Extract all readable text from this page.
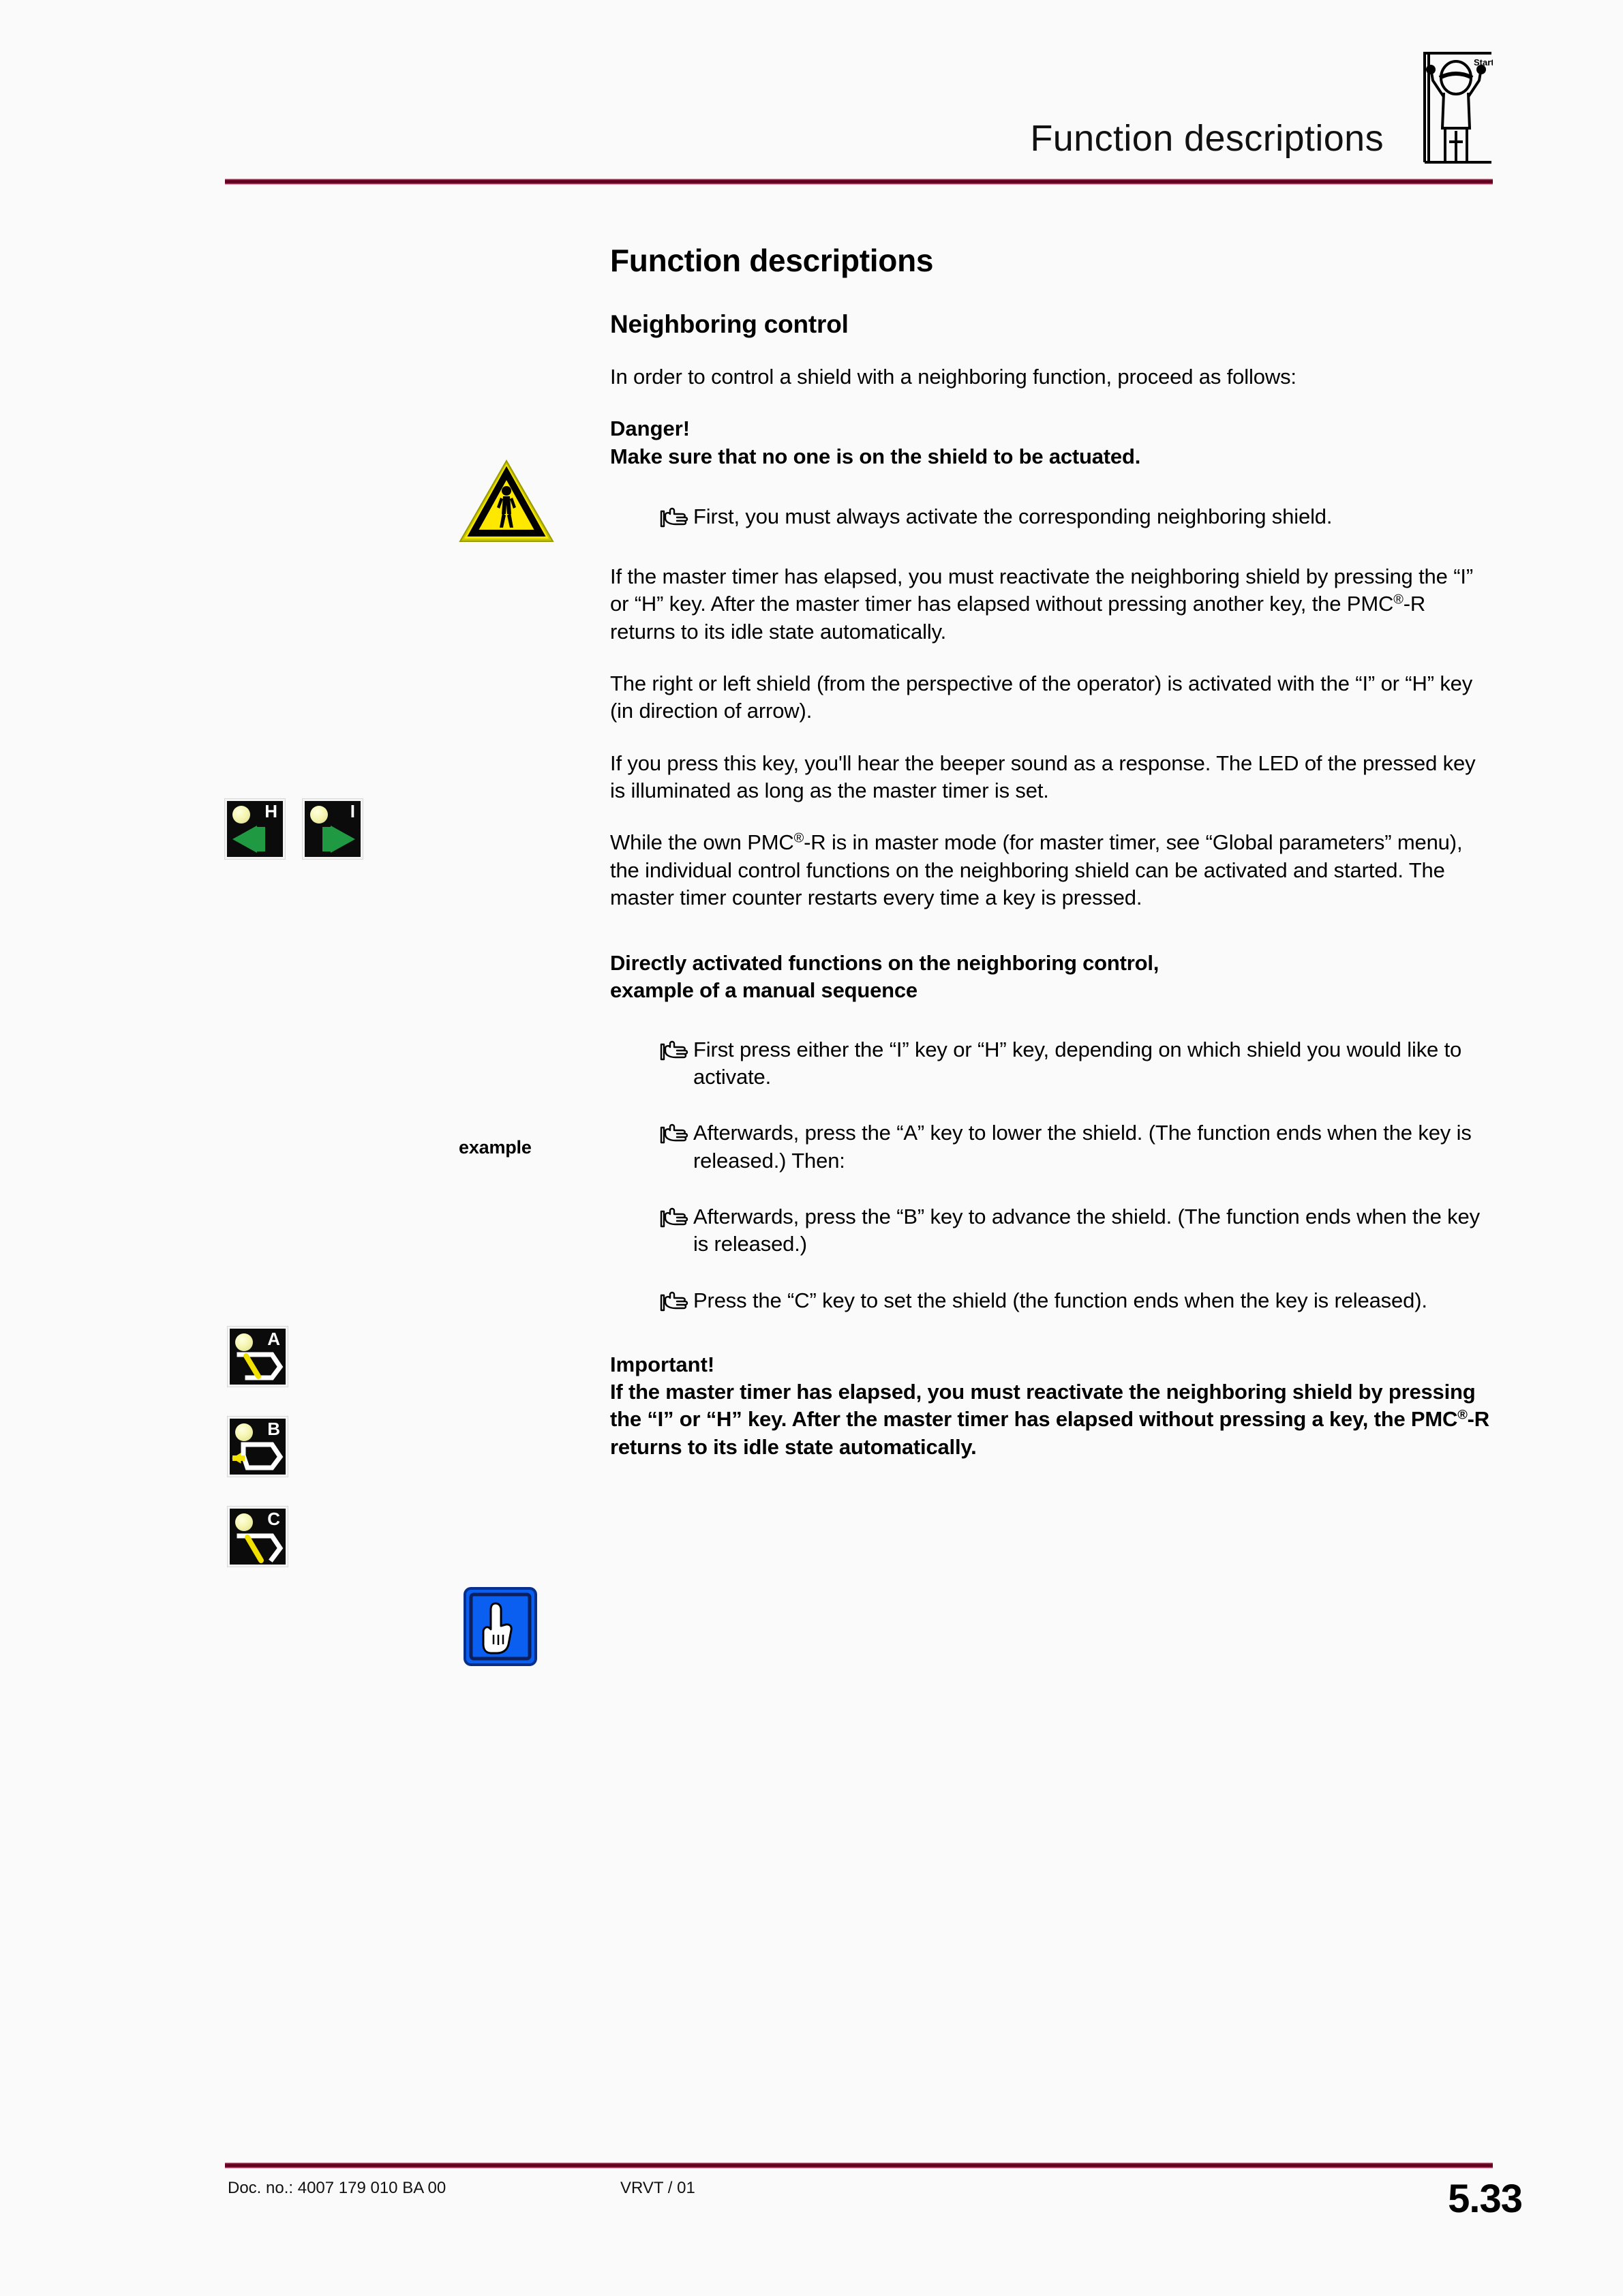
Function descriptions
Start
H	I
A
B
C
example
Function descriptions
Neighboring control

In order to control a shield with a neighboring function, proceed as follows:

Danger!
Make sure that no one is on the shield to be actuated.
First, you must always activate the corresponding neighboring shield.

If the master timer has elapsed, you must reactivate the neighboring shield by pressing the “I” or “H” key. After the master timer has elapsed without pressing another key, the PMC®-R returns to its idle state automatically.

The right or left shield (from the perspective of the operator) is activated with the “I” or “H” key (in direction of arrow).

If you press this key, you'll hear the beeper sound as a response. The LED of the pressed key is illuminated as long as the master timer is set.

While the own PMC®-R is in master mode (for master timer, see “Global parameters” menu), the individual control functions on the neighboring shield can be activated and started. The master timer counter restarts every time a key is pressed.

Directly activated functions on the neighboring control,
example of a manual sequence
First press either the “I” key or “H” key, depending on which shield you would like to activate.
Afterwards, press the “A” key to lower the shield. (The function ends when the key is released.) Then:
Afterwards, press the “B” key to advance the shield. (The function ends when the key is released.)
Press the “C” key to set the shield (the function ends when the key is released).
Important!
If the master timer has elapsed, you must reactivate the neighboring shield by pressing the “I” or “H” key. After the master timer has elapsed without pressing a key, the PMC®-R returns to its idle state automatically.
Doc. no.: 4007 179 010 BA 00	VRVT / 01	5.33
